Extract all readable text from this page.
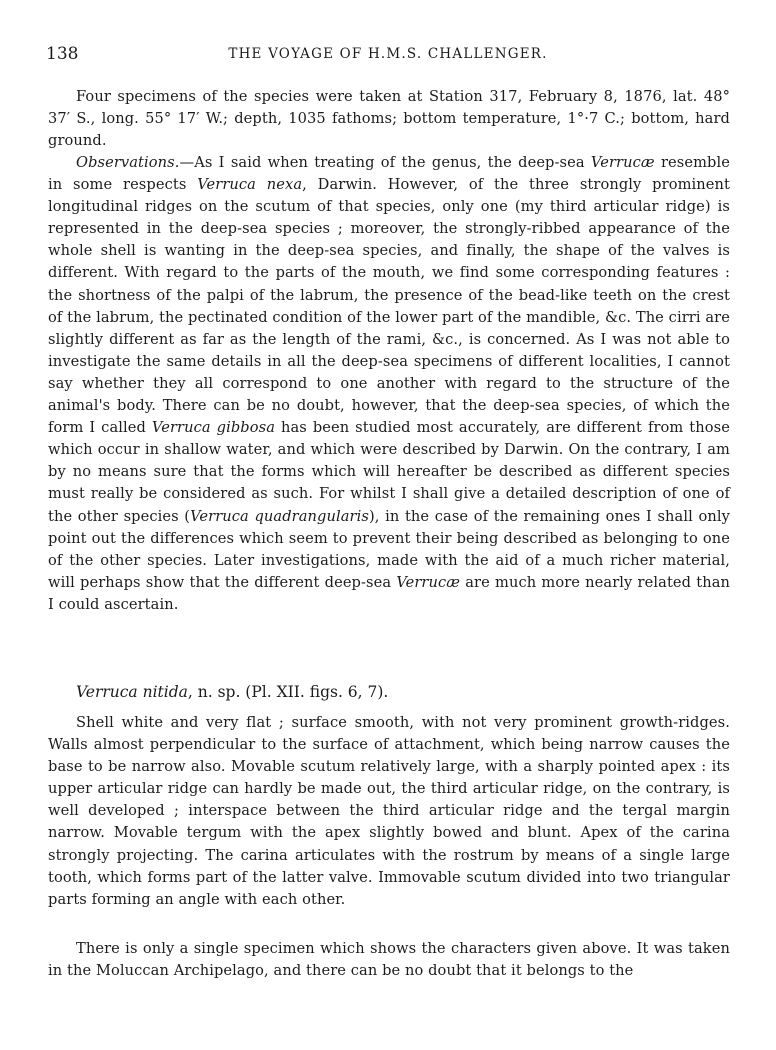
138	THE VOYAGE OF H.M.S. CHALLENGER.

Four specimens of the species were taken at Station 317, February 8, 1876, lat. 48° 37′ S., long. 55° 17′ W.; depth, 1035 fathoms; bottom temperature, 1°·7 C.; bottom, hard ground.

Observations.—As I said when treating of the genus, the deep-sea Verrucæ resemble in some respects Verruca nexa, Darwin. However, of the three strongly prominent longitudinal ridges on the scutum of that species, only one (my third articular ridge) is represented in the deep-sea species ; moreover, the strongly-ribbed appearance of the whole shell is wanting in the deep-sea species, and finally, the shape of the valves is different. With regard to the parts of the mouth, we find some corresponding features : the shortness of the palpi of the labrum, the presence of the bead-like teeth on the crest of the labrum, the pectinated condition of the lower part of the mandible, &c. The cirri are slightly different as far as the length of the rami, &c., is concerned. As I was not able to investigate the same details in all the deep-sea specimens of different localities, I cannot say whether they all correspond to one another with regard to the structure of the animal's body. There can be no doubt, however, that the deep-sea species, of which the form I called Verruca gibbosa has been studied most accurately, are different from those which occur in shallow water, and which were described by Darwin. On the contrary, I am by no means sure that the forms which will hereafter be described as different species must really be considered as such. For whilst I shall give a detailed description of one of the other species (Verruca quadrangularis), in the case of the remaining ones I shall only point out the differences which seem to prevent their being described as belonging to one of the other species. Later investigations, made with the aid of a much richer material, will perhaps show that the different deep-sea Verrucæ are much more nearly related than I could ascertain.

Verruca nitida, n. sp. (Pl. XII. figs. 6, 7).

Shell white and very flat ; surface smooth, with not very prominent growth-ridges. Walls almost perpendicular to the surface of attachment, which being narrow causes the base to be narrow also. Movable scutum relatively large, with a sharply pointed apex : its upper articular ridge can hardly be made out, the third articular ridge, on the contrary, is well developed ; interspace between the third articular ridge and the tergal margin narrow. Movable tergum with the apex slightly bowed and blunt. Apex of the carina strongly projecting. The carina articulates with the rostrum by means of a single large tooth, which forms part of the latter valve. Immovable scutum divided into two triangular parts forming an angle with each other.

There is only a single specimen which shows the characters given above. It was taken in the Moluccan Archipelago, and there can be no doubt that it belongs to the
